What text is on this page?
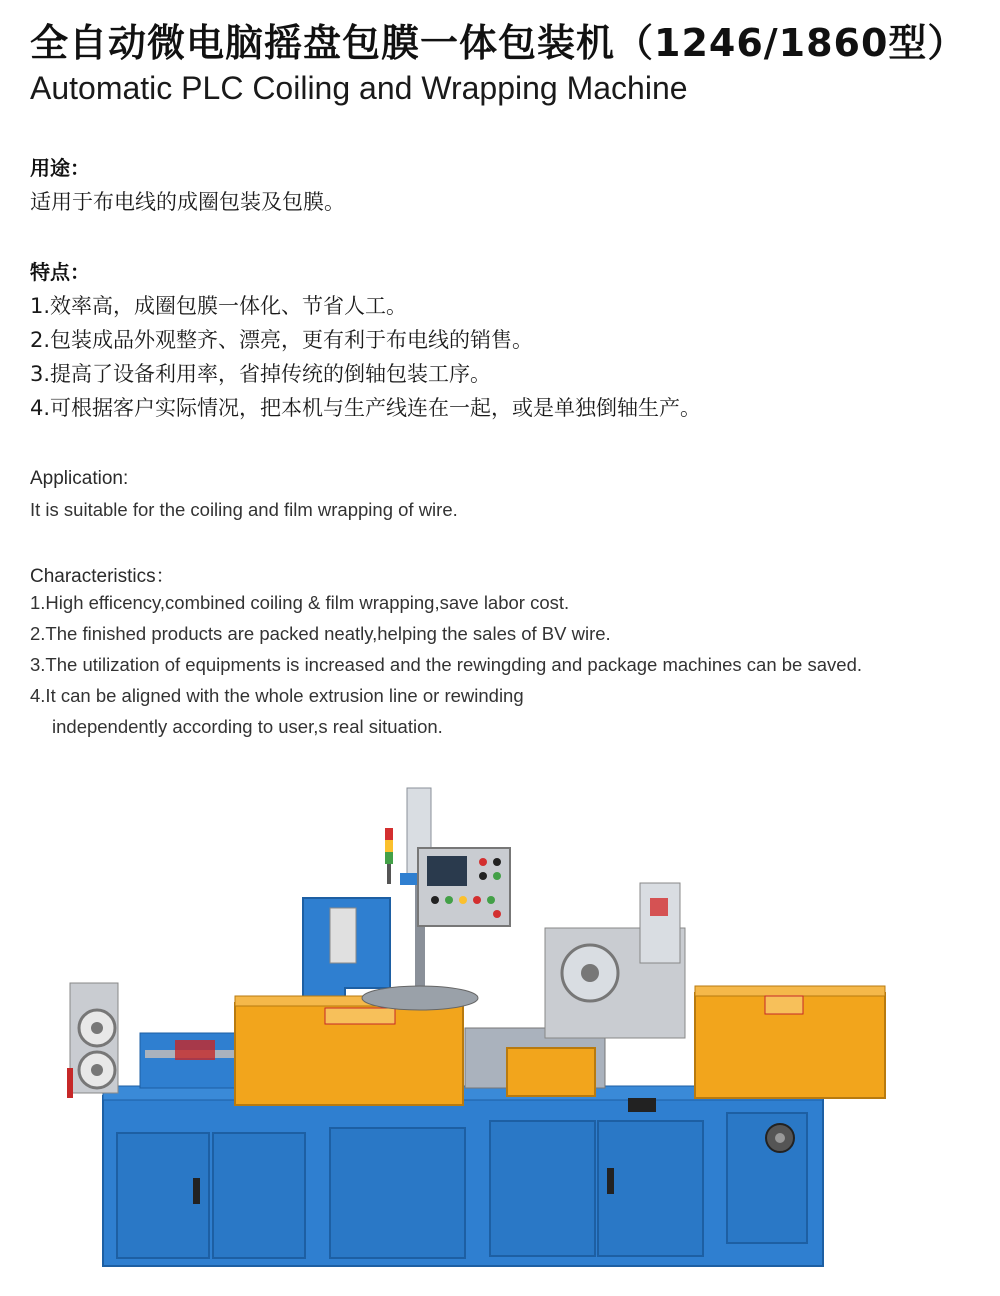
全自动微电脑摇盘包膜一体包装机（1246/1860型）
Automatic PLC Coiling and Wrapping Machine
用途：
适用于布电线的成圈包装及包膜。
特点：
1.效率高，成圈包膜一体化、节省人工。
2.包装成品外观整齐、漂亮，更有利于布电线的销售。
3.提高了设备利用率，省掉传统的倒轴包装工序。
4.可根据客户实际情况，把本机与生产线连在一起，或是单独倒轴生产。
Application:
It is suitable for the coiling and film wrapping of wire.
Characteristics：
1.High efficency,combined coiling & film wrapping,save labor cost.
2.The finished products are packed neatly,helping the sales of BV wire.
3.The utilization of equipments is increased and the rewingding and package machines can be saved.
4.It can be aligned with the whole extrusion line or rewinding
independently according to user,s real situation.
